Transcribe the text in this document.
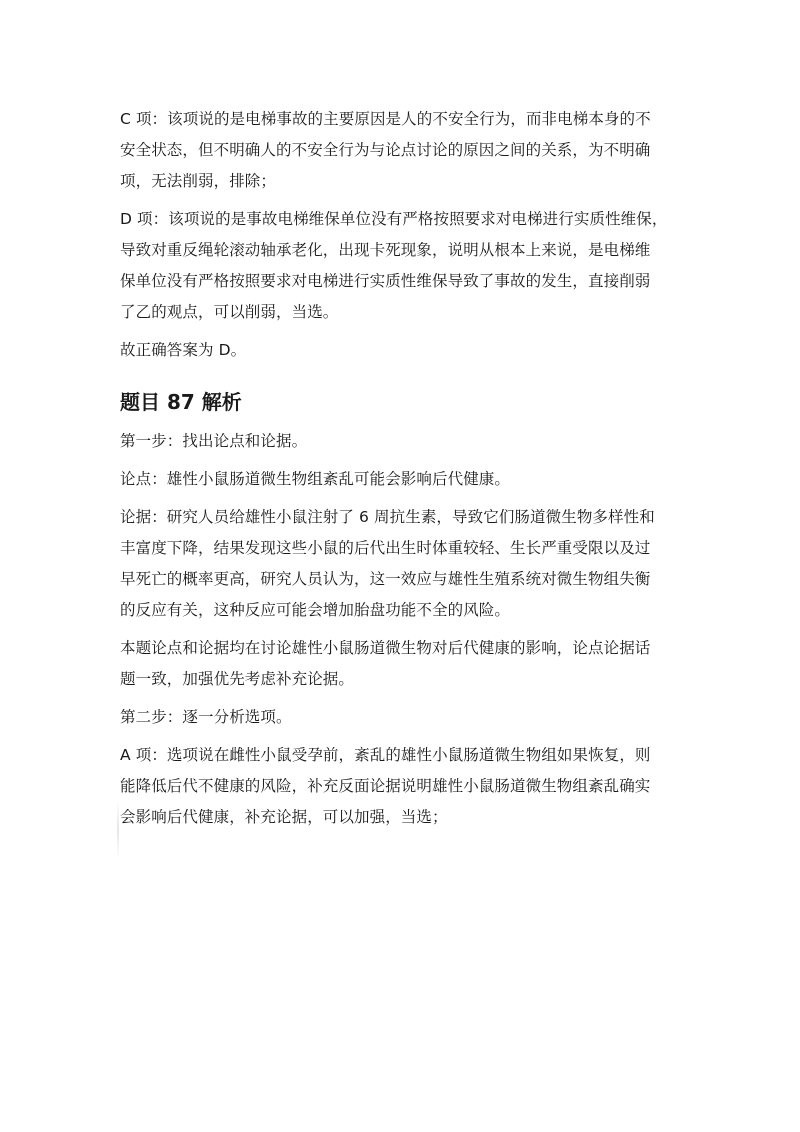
C 项：该项说的是电梯事故的主要原因是人的不安全行为，而非电梯本身的不
安全状态，但不明确人的不安全行为与论点讨论的原因之间的关系，为不明确
项，无法削弱，排除；
D 项：该项说的是事故电梯维保单位没有严格按照要求对电梯进行实质性维保，
导致对重反绳轮滚动轴承老化，出现卡死现象，说明从根本上来说，是电梯维
保单位没有严格按照要求对电梯进行实质性维保导致了事故的发生，直接削弱
了乙的观点，可以削弱，当选。
故正确答案为 D。
题目 87 解析
第一步：找出论点和论据。
论点：雄性小鼠肠道微生物组紊乱可能会影响后代健康。
论据：研究人员给雄性小鼠注射了 6 周抗生素，导致它们肠道微生物多样性和
丰富度下降，结果发现这些小鼠的后代出生时体重较轻、生长严重受限以及过
早死亡的概率更高，研究人员认为，这一效应与雄性生殖系统对微生物组失衡
的反应有关，这种反应可能会增加胎盘功能不全的风险。
本题论点和论据均在讨论雄性小鼠肠道微生物对后代健康的影响，论点论据话
题一致，加强优先考虑补充论据。
第二步：逐一分析选项。
A 项：选项说在雌性小鼠受孕前，紊乱的雄性小鼠肠道微生物组如果恢复，则
能降低后代不健康的风险，补充反面论据说明雄性小鼠肠道微生物组紊乱确实
会影响后代健康，补充论据，可以加强，当选；
